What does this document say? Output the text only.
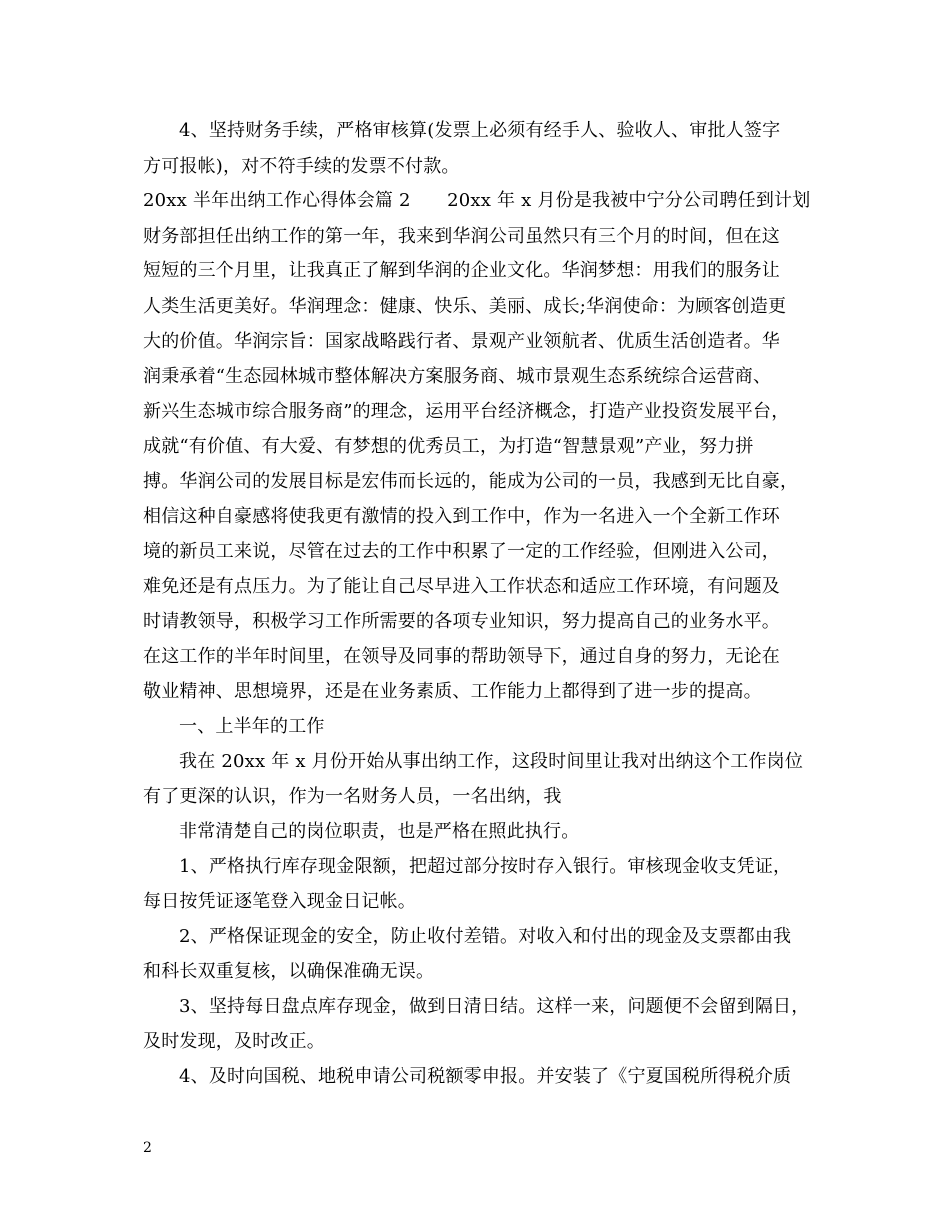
4、坚持财务手续，严格审核算(发票上必须有经手人、验收人、审批人签字
方可报帐)，对不符手续的发票不付款。
20xx 半年出纳工作心得体会篇 2　　20xx 年 x 月份是我被中宁分公司聘任到计划
财务部担任出纳工作的第一年，我来到华润公司虽然只有三个月的时间，但在这
短短的三个月里，让我真正了解到华润的企业文化。华润梦想：用我们的服务让
人类生活更美好。华润理念：健康、快乐、美丽、成长;华润使命：为顾客创造更
大的价值。华润宗旨：国家战略践行者、景观产业领航者、优质生活创造者。华
润秉承着“生态园林城市整体解决方案服务商、城市景观生态系统综合运营商、
新兴生态城市综合服务商”的理念，运用平台经济概念，打造产业投资发展平台，
成就“有价值、有大爱、有梦想的优秀员工，为打造“智慧景观”产业，努力拼
搏。华润公司的发展目标是宏伟而长远的，能成为公司的一员，我感到无比自豪，
相信这种自豪感将使我更有激情的投入到工作中，作为一名进入一个全新工作环
境的新员工来说，尽管在过去的工作中积累了一定的工作经验，但刚进入公司，
难免还是有点压力。为了能让自己尽早进入工作状态和适应工作环境，有问题及
时请教领导，积极学习工作所需要的各项专业知识，努力提高自己的业务水平。
在这工作的半年时间里，在领导及同事的帮助领导下，通过自身的努力，无论在
敬业精神、思想境界，还是在业务素质、工作能力上都得到了进一步的提高。
一、上半年的工作
我在 20xx 年 x 月份开始从事出纳工作，这段时间里让我对出纳这个工作岗位
有了更深的认识，作为一名财务人员，一名出纳，我
非常清楚自己的岗位职责，也是严格在照此执行。
1、严格执行库存现金限额，把超过部分按时存入银行。审核现金收支凭证，
每日按凭证逐笔登入现金日记帐。
2、严格保证现金的安全，防止收付差错。对收入和付出的现金及支票都由我
和科长双重复核，以确保准确无误。
3、坚持每日盘点库存现金，做到日清日结。这样一来，问题便不会留到隔日，
及时发现，及时改正。
4、及时向国税、地税申请公司税额零申报。并安装了《宁夏国税所得税介质
2
